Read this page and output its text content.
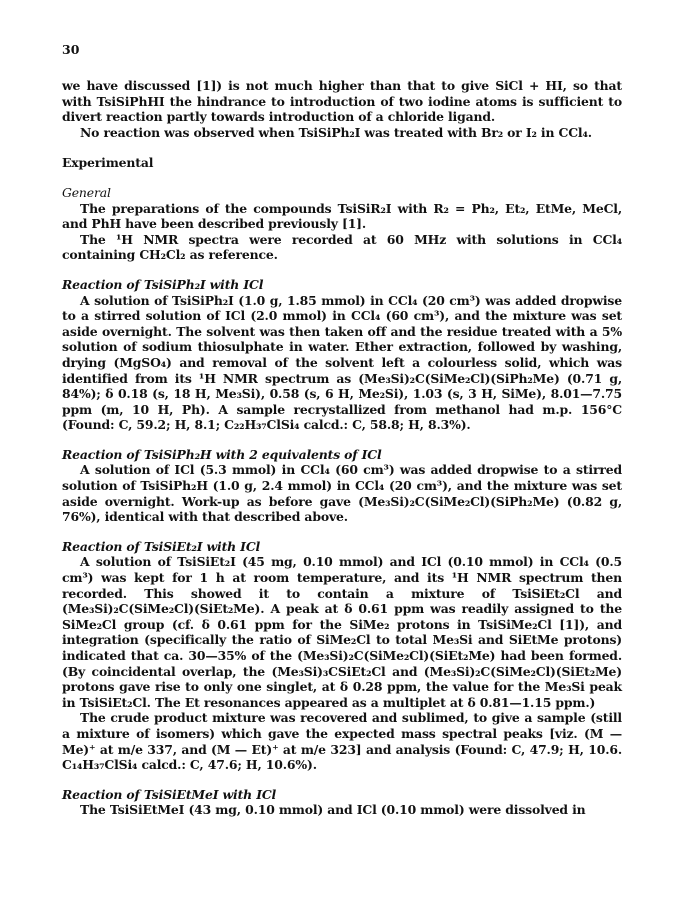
30

we have discussed [1]) is not much higher than that to give SiCl + HI, so that with TsiSiPhHI the hindrance to introduction of two iodine atoms is sufficient to divert reaction partly towards introduction of a chloride ligand.

No reaction was observed when TsiSiPh₂I was treated with Br₂ or I₂ in CCl₄.

Experimental

General

The preparations of the compounds TsiSiR₂I with R₂ = Ph₂, Et₂, EtMe, MeCl, and PhH have been described previously [1].

The ¹H NMR spectra were recorded at 60 MHz with solutions in CCl₄ containing CH₂Cl₂ as reference.

Reaction of TsiSiPh₂I with ICl

A solution of TsiSiPh₂I (1.0 g, 1.85 mmol) in CCl₄ (20 cm³) was added dropwise to a stirred solution of ICl (2.0 mmol) in CCl₄ (60 cm³), and the mixture was set aside overnight. The solvent was then taken off and the residue treated with a 5% solution of sodium thiosulphate in water. Ether extraction, followed by washing, drying (MgSO₄) and removal of the solvent left a colourless solid, which was identified from its ¹H NMR spectrum as (Me₃Si)₂C(SiMe₂Cl)(SiPh₂Me) (0.71 g, 84%); δ 0.18 (s, 18 H, Me₃Si), 0.58 (s, 6 H, Me₂Si), 1.03 (s, 3 H, SiMe), 8.01—7.75 ppm (m, 10 H, Ph). A sample recrystallized from methanol had m.p. 156°C (Found: C, 59.2; H, 8.1; C₂₂H₃₇ClSi₄ calcd.: C, 58.8; H, 8.3%).

Reaction of TsiSiPh₂H with 2 equivalents of ICl

A solution of ICl (5.3 mmol) in CCl₄ (60 cm³) was added dropwise to a stirred solution of TsiSiPh₂H (1.0 g, 2.4 mmol) in CCl₄ (20 cm³), and the mixture was set aside overnight. Work-up as before gave (Me₃Si)₂C(SiMe₂Cl)(SiPh₂Me) (0.82 g, 76%), identical with that described above.

Reaction of TsiSiEt₂I with ICl

A solution of TsiSiEt₂I (45 mg, 0.10 mmol) and ICl (0.10 mmol) in CCl₄ (0.5 cm³) was kept for 1 h at room temperature, and its ¹H NMR spectrum then recorded. This showed it to contain a mixture of TsiSiEt₂Cl and (Me₃Si)₂C(SiMe₂Cl)(SiEt₂Me). A peak at δ 0.61 ppm was readily assigned to the SiMe₂Cl group (cf. δ 0.61 ppm for the SiMe₂ protons in TsiSiMe₂Cl [1]), and integration (specifically the ratio of SiMe₂Cl to total Me₃Si and SiEtMe protons) indicated that ca. 30—35% of the (Me₃Si)₂C(SiMe₂Cl)(SiEt₂Me) had been formed. (By coincidental overlap, the (Me₃Si)₃CSiEt₂Cl and (Me₃Si)₂C(SiMe₂Cl)(SiEt₂Me) protons gave rise to only one singlet, at δ 0.28 ppm, the value for the Me₃Si peak in TsiSiEt₂Cl. The Et resonances appeared as a multiplet at δ 0.81—1.15 ppm.)

The crude product mixture was recovered and sublimed, to give a sample (still a mixture of isomers) which gave the expected mass spectral peaks [viz. (M — Me)⁺ at m/e 337, and (M — Et)⁺ at m/e 323] and analysis (Found: C, 47.9; H, 10.6. C₁₄H₃₇ClSi₄ calcd.: C, 47.6; H, 10.6%).

Reaction of TsiSiEtMeI with ICl

The TsiSiEtMeI (43 mg, 0.10 mmol) and ICl (0.10 mmol) were dissolved in
